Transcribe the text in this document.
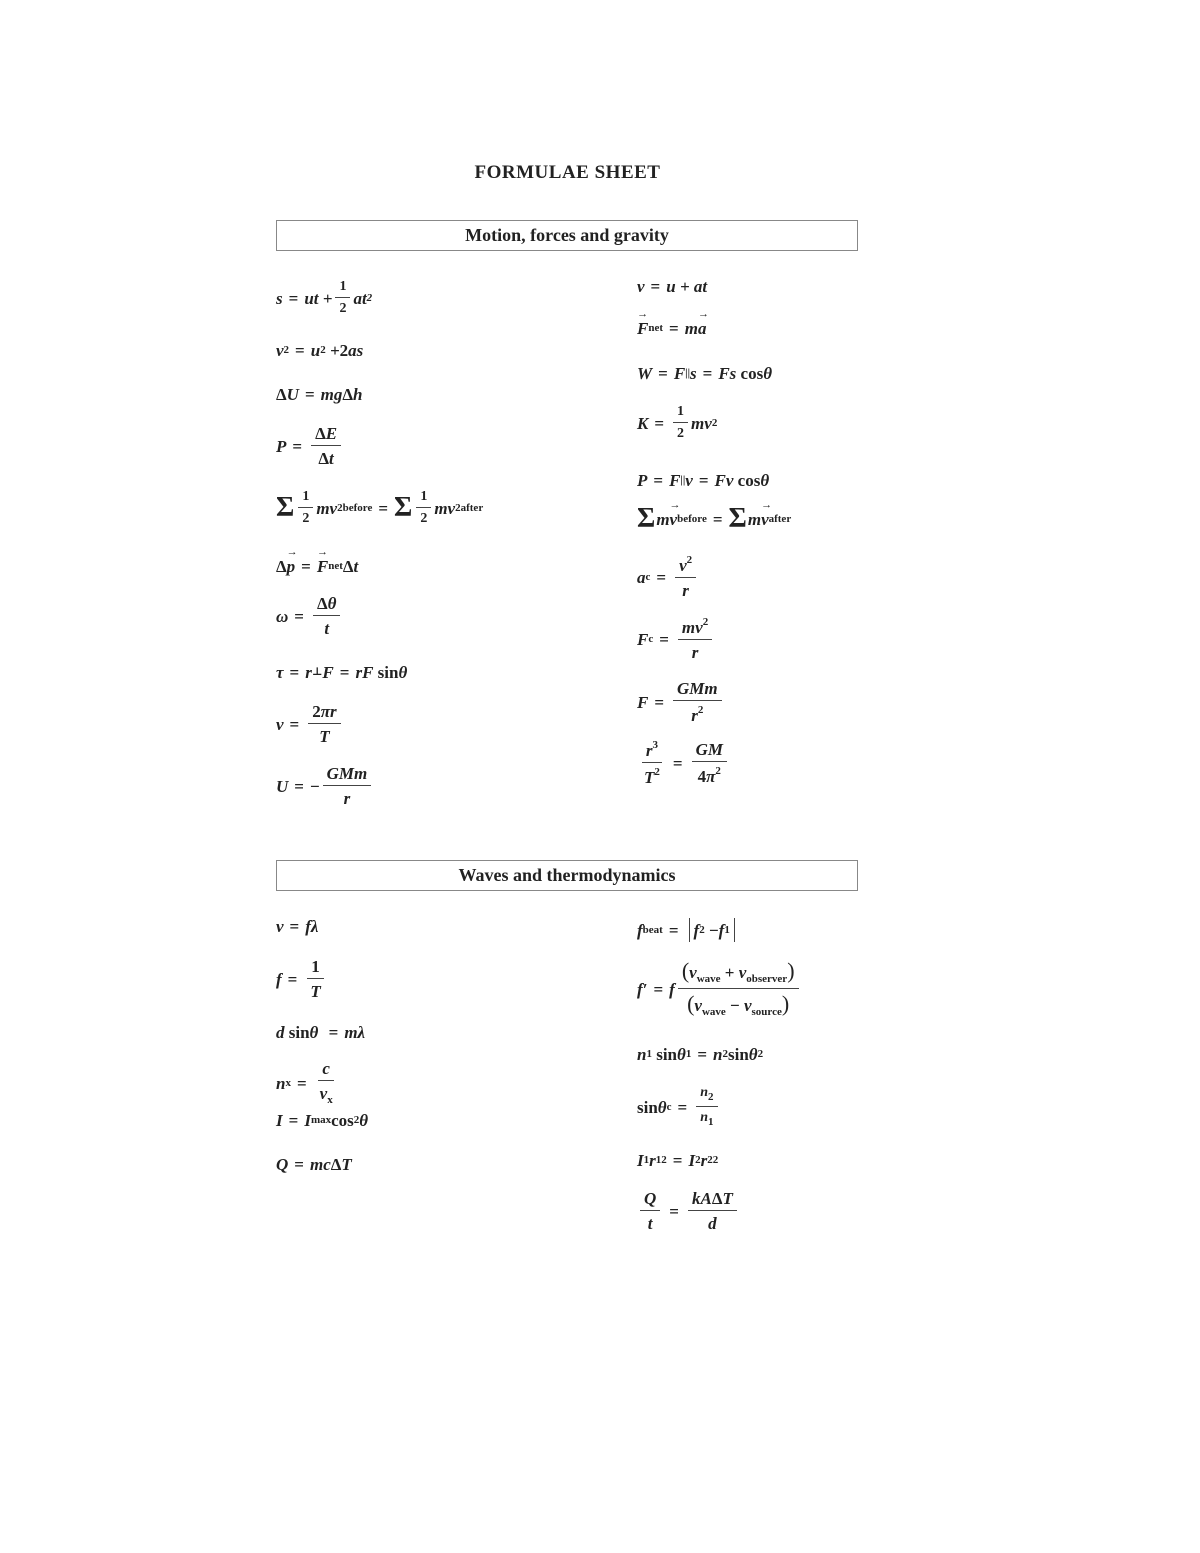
FORMULAE SHEET
Motion, forces and gravity
s = ut + $\frac{1}{2}$ at 2
v 2 = u 2 + 2 as
Δ U = mg Δ h
$P = \frac{\Delta E}{\Delta t}$
Σ $\frac{1}{2}$ mv 2 before = Σ $\frac{1}{2}$ mv 2 after
Δ p → = F → net Δ t
$\omega = \frac{\Delta\theta}{t}$
τ = r ⊥ F = rF sin θ
$v = \frac{2\pi r}{T}$
U = − $\frac{\text{GMm}}{r}$
v = u + at
F → net = m a →
W = F || s = Fs cos θ
$K = \frac{1}{2}$ mv 2
P = F || v = Fv cos θ
Σ m v → before = Σ m v → after
a $c = \frac{v^2}{r}$
F $c = \frac{mv^2}{r}$
$F = \frac{\text{GMm}}{r^2}$
$\frac{r^3}{T^2} = \frac{GM}{4\pi^2}$
Waves and thermodynamics
v = fλ
$f = \frac{1}{T}$
d sin θ = mλ
n $x = \frac{c}{v_x}$
I = I max cos 2 θ
Q = mc Δ T
f beat = f 2 − f 1
f′ = f $\frac{(v_{wave} + v_{observer})}{(v_{wave} - v_{source})}$
n 1 sin θ 1 = n 2 sin θ 2
sin θ $c = \frac{n_2}{n_1}$
I 1 r 1 2 = I 2 r 2 2
$\frac{Q}{t} = \frac{\text{kAΔT}}{d}$
